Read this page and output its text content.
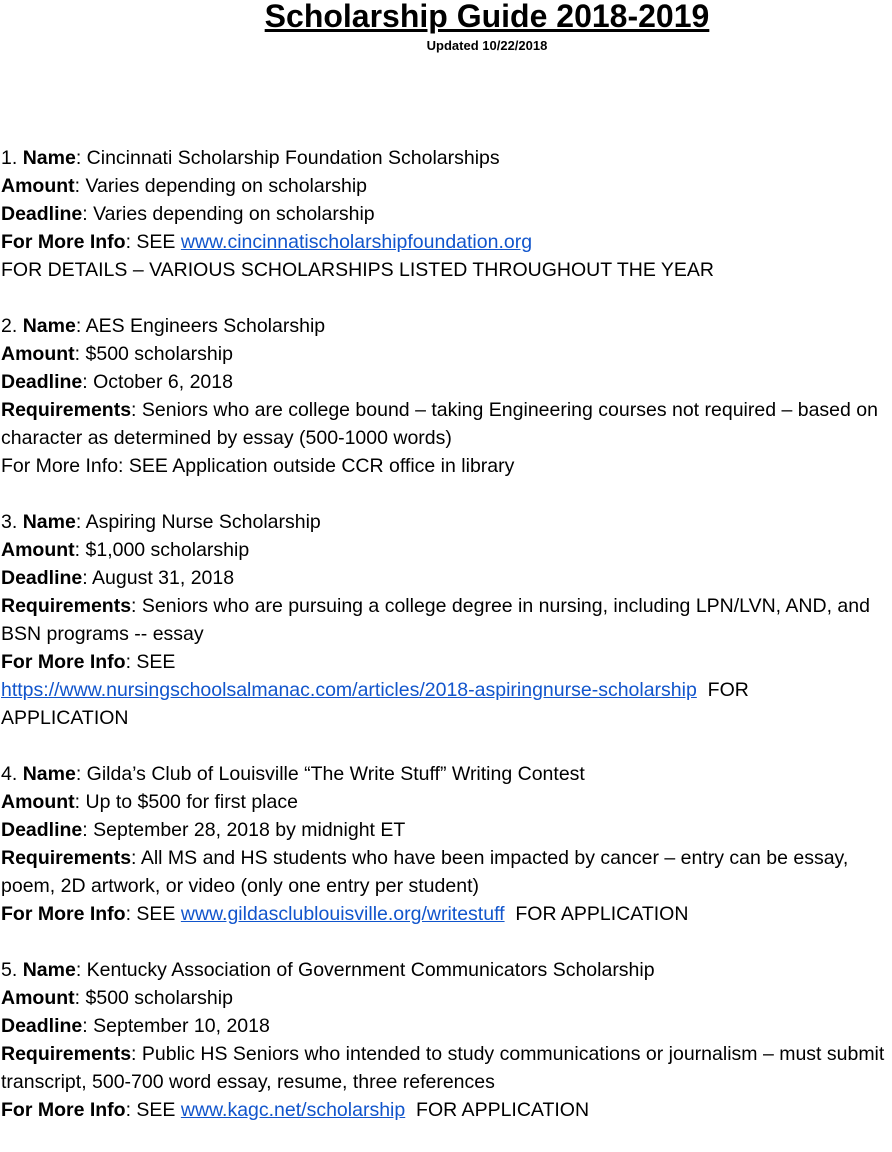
Scholarship Guide 2018-2019
Updated 10/22/2018
1. Name: Cincinnati Scholarship Foundation Scholarships
Amount: Varies depending on scholarship
Deadline: Varies depending on scholarship
For More Info: SEE www.cincinnatischolarshipfoundation.org
FOR DETAILS – VARIOUS SCHOLARSHIPS LISTED THROUGHOUT THE YEAR
2. Name: AES Engineers Scholarship
Amount: $500 scholarship
Deadline: October 6, 2018
Requirements: Seniors who are college bound – taking Engineering courses not required – based on character as determined by essay (500-1000 words)
For More Info: SEE Application outside CCR office in library
3. Name: Aspiring Nurse Scholarship
Amount: $1,000 scholarship
Deadline: August 31, 2018
Requirements: Seniors who are pursuing a college degree in nursing, including LPN/LVN, AND, and BSN programs -- essay
For More Info: SEE
https://www.nursingschoolsalmanac.com/articles/2018-aspiringnurse-scholarship  FOR
APPLICATION
4. Name: Gilda’s Club of Louisville “The Write Stuff” Writing Contest
Amount: Up to $500 for first place
Deadline: September 28, 2018 by midnight ET
Requirements: All MS and HS students who have been impacted by cancer – entry can be essay, poem, 2D artwork, or video (only one entry per student)
For More Info: SEE www.gildasclublouisville.org/writestuff  FOR APPLICATION
5. Name: Kentucky Association of Government Communicators Scholarship
Amount: $500 scholarship
Deadline: September 10, 2018
Requirements: Public HS Seniors who intended to study communications or journalism – must submit transcript, 500-700 word essay, resume, three references
For More Info: SEE www.kagc.net/scholarship  FOR APPLICATION
